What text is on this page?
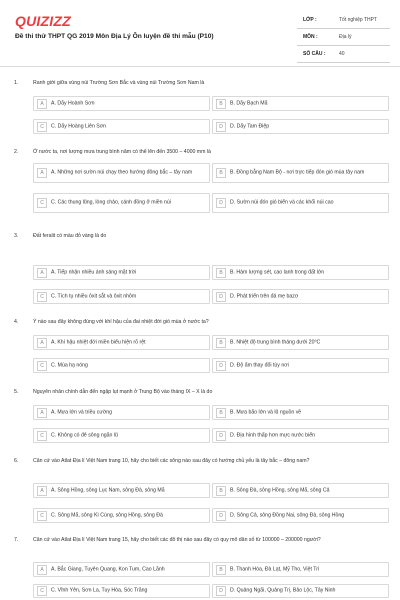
QUIZIZZ
Đề thi thử THPT QG 2019 Môn Địa Lý Ôn luyện đề thi mẫu (P10)
LỚP :	Tốt nghiệp THPT
MÔN :	Địa lý
SỐ CÂU :	40
1.	Ranh giới giữa vùng núi Trường Sơn Bắc và vùng núi Trường Sơn Nam là
A	A. Dãy Hoành Sơn	B	B. Dãy Bạch Mã
C	C. Dãy Hoàng Liên Sơn	D	D. Dãy Tam Điệp
2.	Ở nước ta, nơi lượng mưa trung bình năm có thể lên đến 3500 – 4000 mm là
A	A. Những nơi sườn núi chạy theo hướng đông bắc – tây nam	B	B. Đồng bằng Nam Bộ - nơi trực tiếp đón gió mùa tây nam
C	C. Các thung lũng, lòng chảo, cánh đồng ở miền núi	D	D. Sườn núi đón gió biển và các khối núi cao
3.	Đất feralit có màu đỏ vàng là do
A	A. Tiếp nhận nhiều ánh sáng mặt trời	B	B. Hàm lượng sét, cao lanh trong đất lớn
C	C. Tích tụ nhiều ôxit sắt và ôxit nhôm	D	D. Phát triển trên đá mẹ bazơ
4.	Ý nào sau đây không đúng với khí hậu của đai nhiệt đới gió mùa ở nước ta?
A	A. Khí hậu nhiệt đới miền biểu hiện rõ rệt	B	B. Nhiệt độ trung bình tháng dưới 20°C
C	C. Mùa hạ nóng	D	D. Độ ẩm thay đổi tùy nơi
5.	Nguyên nhân chính dẫn đến ngập lụt mạnh ở Trung Bộ vào tháng IX – X là do
A	A. Mưa lớn và triều cường	B	B. Mưa bão lớn và lũ nguồn về
C	C. Không có đê sông ngăn lũ	D	D. Địa hình thấp hơn mực nước biển
6.	Căn cứ vào Atlat Địa lí Việt Nam trang 10, hãy cho biết các sông nào sau đây có hướng chủ yếu là tây bắc – đông nam?
A	A. Sông Hồng, sông Lục Nam, sông Đà, sông Mã	B	B. Sông Đà, sông Hồng, sông Mã, sông Cả
C	C. Sông Mã, sông Kì Cùng, sông Hồng, sông Đà	D	D. Sông Cả, sông Đồng Nai, sông Đà, sông Hồng
7.	Căn cứ vào Atlat Địa lí Việt Nam trang 15, hãy cho biết các đô thị nào sau đây có quy mô dân số từ 100000 – 200000 người?
A	A. Bắc Giang, Tuyên Quang, Kon Tum, Cao Lãnh	B	B. Thanh Hóa, Đà Lạt, Mỹ Tho, Việt Trì
C	C. Vĩnh Yên, Sơn La, Tuy Hòa, Sóc Trăng	D	D. Quảng Ngãi, Quảng Trị, Bảo Lộc, Tây Ninh
